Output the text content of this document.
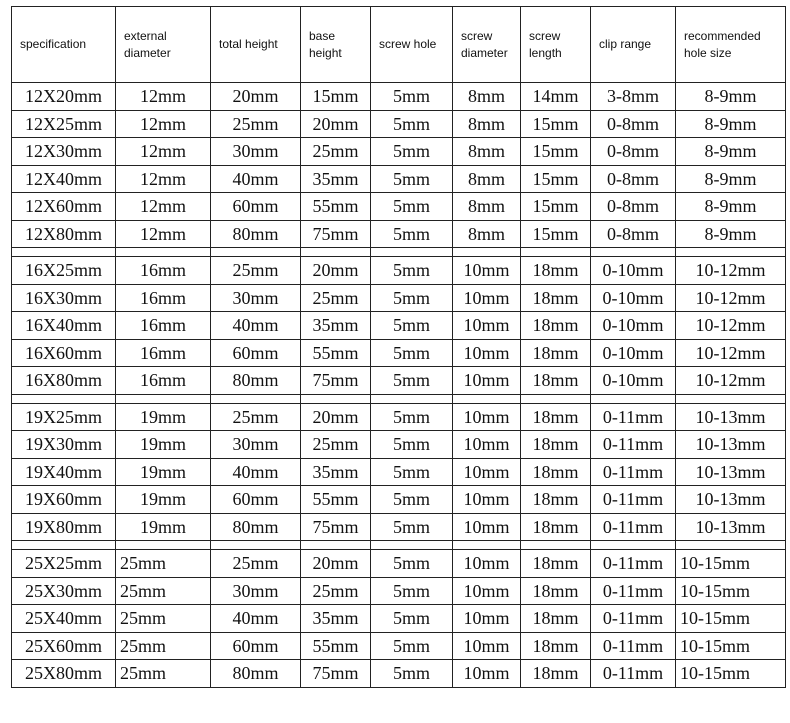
specification	external diameter	total height	base height	screw hole	screw diameter	screw length	clip range	recommended hole size
12X20mm	12mm	20mm	15mm	5mm	8mm	14mm	3-8mm	8-9mm
12X25mm	12mm	25mm	20mm	5mm	8mm	15mm	0-8mm	8-9mm
12X30mm	12mm	30mm	25mm	5mm	8mm	15mm	0-8mm	8-9mm
12X40mm	12mm	40mm	35mm	5mm	8mm	15mm	0-8mm	8-9mm
12X60mm	12mm	60mm	55mm	5mm	8mm	15mm	0-8mm	8-9mm
12X80mm	12mm	80mm	75mm	5mm	8mm	15mm	0-8mm	8-9mm

16X25mm	16mm	25mm	20mm	5mm	10mm	18mm	0-10mm	10-12mm
16X30mm	16mm	30mm	25mm	5mm	10mm	18mm	0-10mm	10-12mm
16X40mm	16mm	40mm	35mm	5mm	10mm	18mm	0-10mm	10-12mm
16X60mm	16mm	60mm	55mm	5mm	10mm	18mm	0-10mm	10-12mm
16X80mm	16mm	80mm	75mm	5mm	10mm	18mm	0-10mm	10-12mm

19X25mm	19mm	25mm	20mm	5mm	10mm	18mm	0-11mm	10-13mm
19X30mm	19mm	30mm	25mm	5mm	10mm	18mm	0-11mm	10-13mm
19X40mm	19mm	40mm	35mm	5mm	10mm	18mm	0-11mm	10-13mm
19X60mm	19mm	60mm	55mm	5mm	10mm	18mm	0-11mm	10-13mm
19X80mm	19mm	80mm	75mm	5mm	10mm	18mm	0-11mm	10-13mm

25X25mm	25mm	25mm	20mm	5mm	10mm	18mm	0-11mm	10-15mm
25X30mm	25mm	30mm	25mm	5mm	10mm	18mm	0-11mm	10-15mm
25X40mm	25mm	40mm	35mm	5mm	10mm	18mm	0-11mm	10-15mm
25X60mm	25mm	60mm	55mm	5mm	10mm	18mm	0-11mm	10-15mm
25X80mm	25mm	80mm	75mm	5mm	10mm	18mm	0-11mm	10-15mm
